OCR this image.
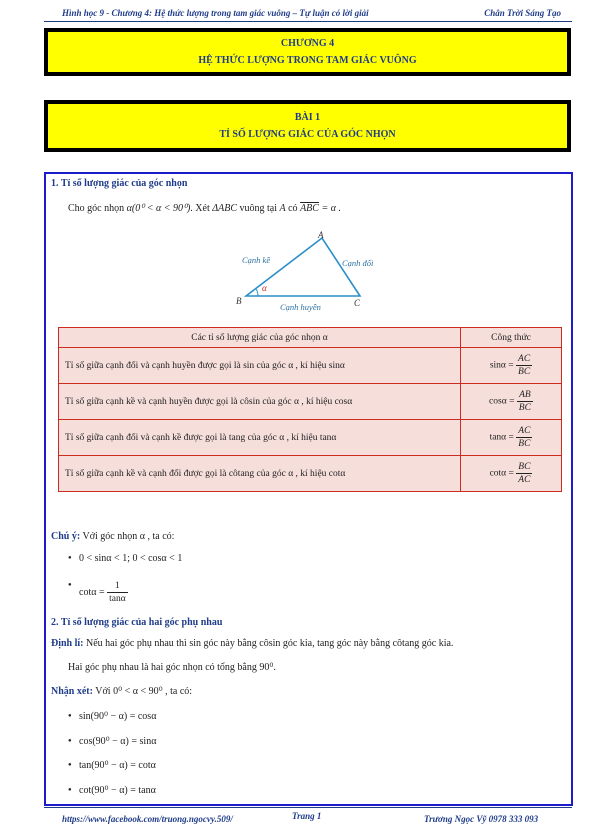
Hình học 9 - Chương 4: Hệ thức lượng trong tam giác vuông – Tự luận có lời giải	Chân Trời Sáng Tạo
CHƯƠNG 4
HỆ THỨC LƯỢNG TRONG TAM GIÁC VUÔNG
BÀI 1
TỈ SỐ LƯỢNG GIÁC CỦA GÓC NHỌN
1. Tỉ số lượng giác của góc nhọn
Cho góc nhọn α(0⁰ < α < 90⁰). Xét ΔABC vuông tại A có $\overline{ABC} = \alpha$ .
A
B	C
α
Cạnh kề	Cạnh đối
Cạnh huyền
Các tỉ số lượng giác của góc nhọn α	Công thức
Tỉ số giữa cạnh đối và cạnh huyền được gọi là sin của góc α , kí hiệu sinα	$\sin\alpha = \frac{AC}{BC}$

Tỉ số giữa cạnh kề và cạnh huyền được gọi là côsin của góc α , kí hiệu cosα	$\cos\alpha = \frac{AB}{BC}$

Tỉ số giữa cạnh đối và cạnh kề được gọi là tang của góc α , kí hiệu tanα	$\tan\alpha = \frac{AC}{BC}$

Tỉ số giữa cạnh kề và cạnh đối được gọi là côtang của góc α , kí hiệu cotα	$\cot\alpha = \frac{BC}{AC}$
Chú ý: Với góc nhọn α , ta có:
● 0 < sinα < 1; 0 < cosα < 1
● $\cot\alpha = \frac{1}{\tan\alpha}$
2. Tỉ số lượng giác của hai góc phụ nhau
Định lí: Nếu hai góc phụ nhau thì sin góc này bằng côsin góc kia, tang góc này bằng côtang góc kia.
Hai góc phụ nhau là hai góc nhọn có tổng bằng 90⁰.
Nhận xét: Với 0⁰ < α < 90⁰ , ta có:
● sin(90⁰ − α) = cosα
● cos(90⁰ − α) = sinα
● tan(90⁰ − α) = cotα
● cot(90⁰ − α) = tanα
https://www.facebook.com/truong.ngocvy.509/	Trang 1	Trương Ngọc Vỹ 0978 333 093
